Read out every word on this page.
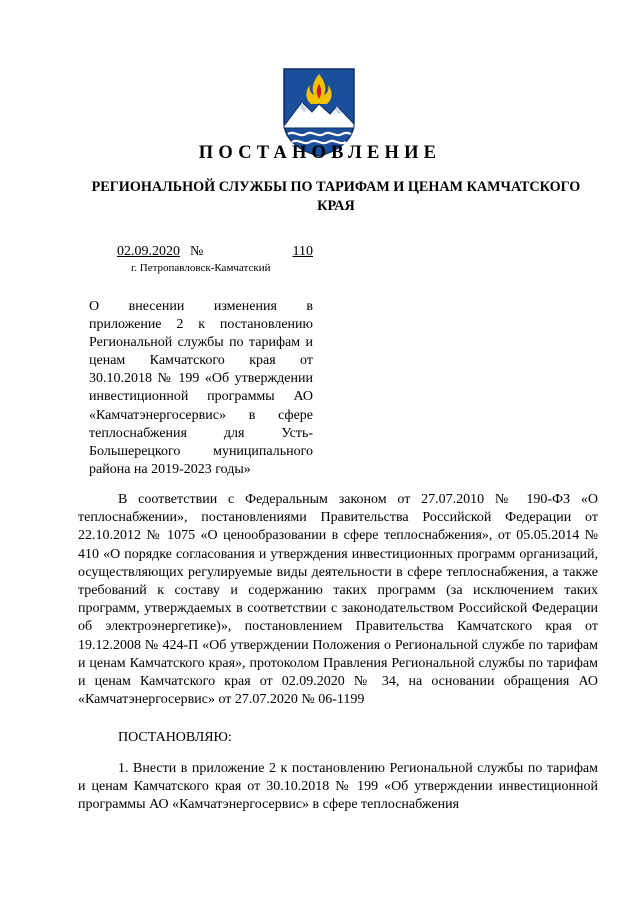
ПОСТАНОВЛЕНИЕ
РЕГИОНАЛЬНОЙ СЛУЖБЫ ПО ТАРИФАМ И ЦЕНАМ КАМЧАТСКОГО КРАЯ
02.09.2020 №	110
г. Петропавловск-Камчатский

О внесении изменения в

приложение 2 к постановлению

Региональной службы по тарифам и

ценам Камчатского края от

30.10.2018 № 199 «Об утверждении

инвестиционной программы АО

«Камчатэнергосервис» в сфере

теплоснабжения для Усть-

Большерецкого муниципального

района на 2019-2023 годы»

В соответствии с Федеральным законом от 27.07.2010 № 190-ФЗ «О теплоснабжении», постановлениями Правительства Российской Федерации от 22.10.2012 № 1075 «О ценообразовании в сфере теплоснабжения», от 05.05.2014 № 410 «О порядке согласования и утверждения инвестиционных программ организаций, осуществляющих регулируемые виды деятельности в сфере теплоснабжения, а также требований к составу и содержанию таких программ (за исключением таких программ, утверждаемых в соответствии с законодательством Российской Федерации об электроэнергетике)», постановлением Правительства Камчатского края от 19.12.2008 № 424-П «Об утверждении Положения о Региональной службе по тарифам и ценам Камчатского края», протоколом Правления Региональной службы по тарифам и ценам Камчатского края от 02.09.2020 № 34, на основании обращения АО «Камчатэнергосервис» от 27.07.2020 № 06-1199

ПОСТАНОВЛЯЮ:

1. Внести в приложение 2 к постановлению Региональной службы по тарифам и ценам Камчатского края от 30.10.2018 № 199 «Об утверждении инвестиционной программы АО «Камчатэнергосервис» в сфере теплоснабжения
